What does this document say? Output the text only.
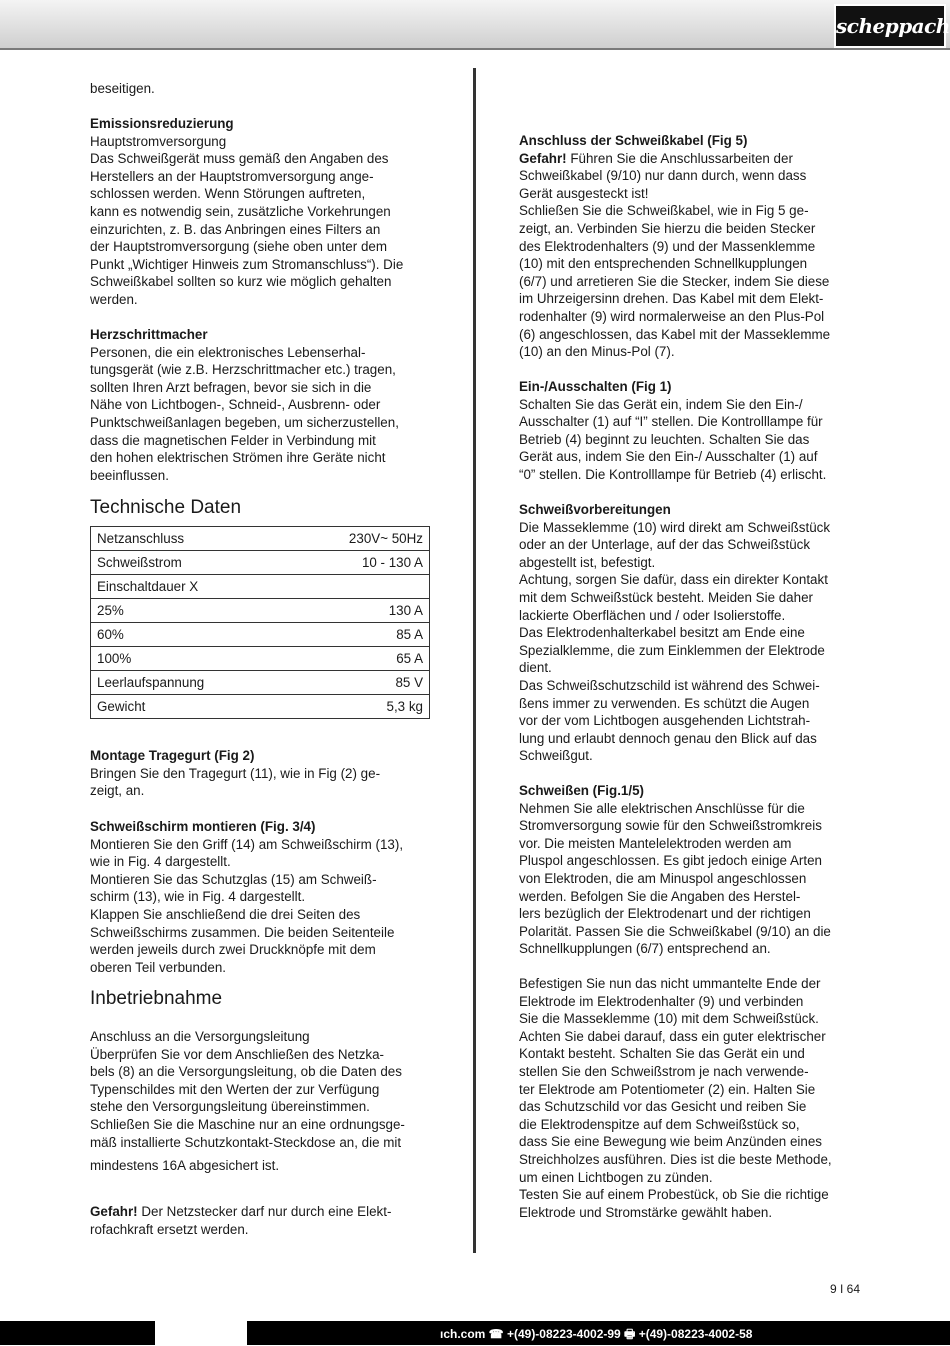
scheppach

beseitigen.

Emissionsreduzierung

Hauptstromversorgung

Das Schweißgerät muss gemäß den Angaben des

Herstellers an der Hauptstromversorgung ange-

schlossen werden. Wenn Störungen auftreten,

kann es notwendig sein, zusätzliche Vorkehrungen

einzurichten, z. B. das Anbringen eines Filters an

der Hauptstromversorgung (siehe oben unter dem

Punkt „Wichtiger Hinweis zum Stromanschluss“). Die

Schweißkabel sollten so kurz wie möglich gehalten

werden.

Herzschrittmacher

Personen, die ein elektronisches Lebenserhal-

tungsgerät (wie z.B. Herzschrittmacher etc.) tragen,

sollten Ihren Arzt befragen, bevor sie sich in die

Nähe von Lichtbogen-, Schneid-, Ausbrenn- oder

Punktschweißanlagen begeben, um sicherzustellen,

dass die magnetischen Felder in Verbindung mit

den hohen elektrischen Strömen ihre Geräte nicht

beeinflussen.

Technische Daten
Netzanschluss	230V~ 50Hz
Schweißstrom	10 - 130 A
Einschaltdauer X	
25%	130 A
60%	85 A
100%	65 A
Leerlaufspannung	85 V
Gewicht	5,3 kg

Montage Tragegurt (Fig 2)

Bringen Sie den Tragegurt (11), wie in Fig (2) ge-

zeigt, an.

Schweißschirm montieren (Fig. 3/4)

Montieren Sie den Griff (14) am Schweißschirm (13),

wie in Fig. 4 dargestellt.

Montieren Sie das Schutzglas (15) am Schweiß-

schirm (13), wie in Fig. 4 dargestellt.

Klappen Sie anschließend die drei Seiten des

Schweißschirms zusammen. Die beiden Seitenteile

werden jeweils durch zwei Druckknöpfe mit dem

oberen Teil verbunden.

Inbetriebnahme

Anschluss an die Versorgungsleitung

Überprüfen Sie vor dem Anschließen des Netzka-

bels (8) an die Versorgungsleitung, ob die Daten des

Typenschildes mit den Werten der zur Verfügung

stehe den Versorgungsleitung übereinstimmen.

Schließen Sie die Maschine nur an eine ordnungsge-

mäß installierte Schutzkontakt-Steckdose an, die mit

mindestens 16A abgesichert ist.

Gefahr! Der Netzstecker darf nur durch eine Elekt-

rofachkraft ersetzt werden.

Anschluss der Schweißkabel (Fig 5)

Gefahr! Führen Sie die Anschlussarbeiten der

Schweißkabel (9/10) nur dann durch, wenn dass

Gerät ausgesteckt ist!

Schließen Sie die Schweißkabel, wie in Fig 5 ge-

zeigt, an. Verbinden Sie hierzu die beiden Stecker

des Elektrodenhalters (9) und der Massenklemme

(10) mit den entsprechenden Schnellkupplungen

(6/7) und arretieren Sie die Stecker, indem Sie diese

im Uhrzeigersinn drehen. Das Kabel mit dem Elekt-

rodenhalter (9) wird normalerweise an den Plus-Pol

(6) angeschlossen, das Kabel mit der Masseklemme

(10) an den Minus-Pol (7).

Ein-/Ausschalten (Fig 1)

Schalten Sie das Gerät ein, indem Sie den Ein-/

Ausschalter (1) auf “I” stellen. Die Kontrolllampe für

Betrieb (4) beginnt zu leuchten. Schalten Sie das

Gerät aus, indem Sie den Ein-/ Ausschalter (1) auf

“0” stellen. Die Kontrolllampe für Betrieb (4) erlischt.

Schweißvorbereitungen

Die Masseklemme (10) wird direkt am Schweißstück

oder an der Unterlage, auf der das Schweißstück

abgestellt ist, befestigt.

Achtung, sorgen Sie dafür, dass ein direkter Kontakt

mit dem Schweißstück besteht. Meiden Sie daher

lackierte Oberflächen und / oder Isolierstoffe.

Das Elektrodenhalterkabel besitzt am Ende eine

Spezialklemme, die zum Einklemmen der Elektrode

dient.

Das Schweißschutzschild ist während des Schwei-

ßens immer zu verwenden. Es schützt die Augen

vor der vom Lichtbogen ausgehenden Lichtstrah-

lung und erlaubt dennoch genau den Blick auf das

Schweißgut.

Schweißen (Fig.1/5)

Nehmen Sie alle elektrischen Anschlüsse für die

Stromversorgung sowie für den Schweißstromkreis

vor. Die meisten Mantelelektroden werden am

Pluspol angeschlossen. Es gibt jedoch einige Arten

von Elektroden, die am Minuspol angeschlossen

werden. Befolgen Sie die Angaben des Herstel-

lers bezüglich der Elektrodenart und der richtigen

Polarität. Passen Sie die Schweißkabel (9/10) an die

Schnellkupplungen (6/7) entsprechend an.

Befestigen Sie nun das nicht ummantelte Ende der

Elektrode im Elektrodenhalter (9) und verbinden

Sie die Masseklemme (10) mit dem Schweißstück.

Achten Sie dabei darauf, dass ein guter elektrischer

Kontakt besteht. Schalten Sie das Gerät ein und

stellen Sie den Schweißstrom je nach verwende-

ter Elektrode am Potentiometer (2) ein. Halten Sie

das Schutzschild vor das Gesicht und reiben Sie

die Elektrodenspitze auf dem Schweißstück so,

dass Sie eine Bewegung wie beim Anzünden eines

Streichholzes ausführen. Dies ist die beste Methode,

um einen Lichtbogen zu zünden.

Testen Sie auf einem Probestück, ob Sie die richtige

Elektrode und Stromstärke gewählt haben.

9 I 64
ıch.com ☎ +(49)-08223-4002-99 🖶 +(49)-08223-4002-58
